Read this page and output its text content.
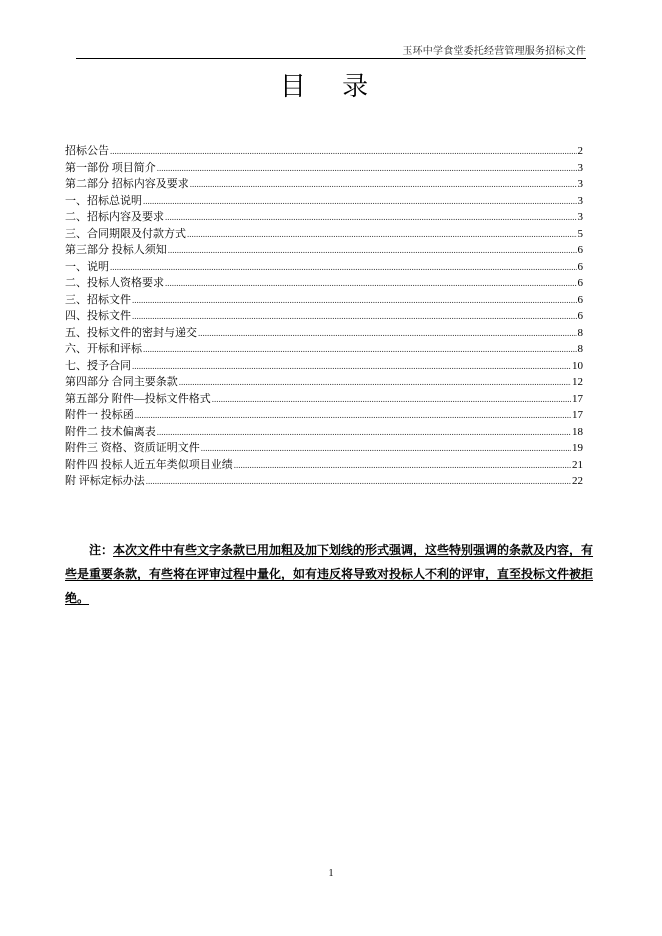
玉环中学食堂委托经营管理服务招标文件
目 录
招标公告 .....	2
第一部份 项目简介 .....	3
第二部分 招标内容及要求 .....	3
一、招标总说明 .....	3
二、招标内容及要求 .....	3
三、合同期限及付款方式 .....	5
第三部分 投标人须知 .....	6
一、说明 .....	6
二、投标人资格要求 .....	6
三、招标文件 .....	6
四、投标文件 .....	6
五、投标文件的密封与递交 .....	8
六、开标和评标 .....	8
七、授予合同 .....	10
第四部分 合同主要条款 .....	12
第五部分 附件—投标文件格式 .....	17
附件一 投标函 .....	17
附件二 技术偏离表 .....	18
附件三 资格、资质证明文件 .....	19
附件四 投标人近五年类似项目业绩 .....	21
附 评标定标办法 .....	22
注：本次文件中有些文字条款已用加粗及加下划线的形式强调，这些特别强调的条款及内容，有些是重要条款，有些将在评审过程中量化，如有违反将导致对投标人不利的评审，直至投标文件被拒绝。
1
